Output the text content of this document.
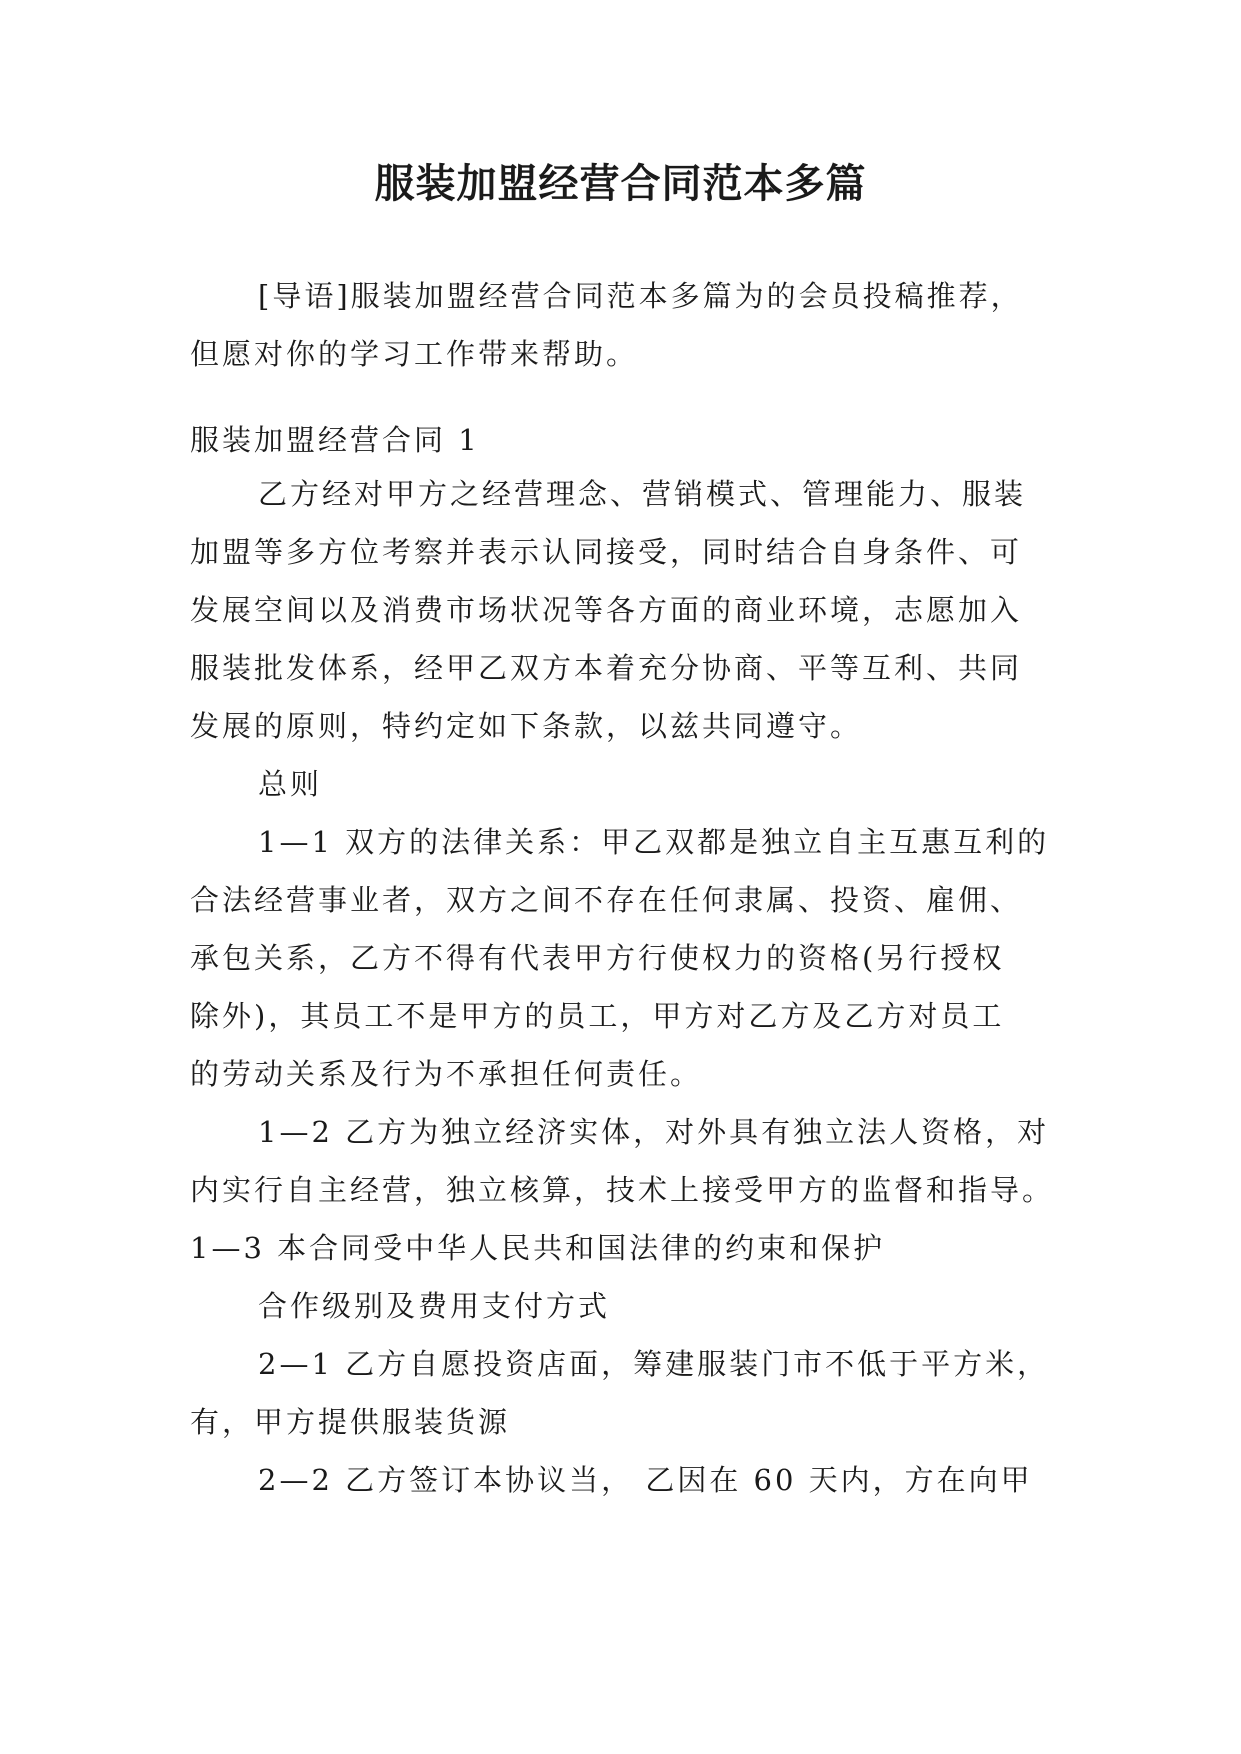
服装加盟经营合同范本多篇
[导语]服装加盟经营合同范本多篇为的会员投稿推荐，
但愿对你的学习工作带来帮助。
服装加盟经营合同 1
乙方经对甲方之经营理念、营销模式、管理能力、服装
加盟等多方位考察并表示认同接受，同时结合自身条件、可
发展空间以及消费市场状况等各方面的商业环境，志愿加入
服装批发体系，经甲乙双方本着充分协商、平等互利、共同
发展的原则，特约定如下条款，以兹共同遵守。
总则
1—1 双方的法律关系：甲乙双都是独立自主互惠互利的
合法经营事业者，双方之间不存在任何隶属、投资、雇佣、
承包关系，乙方不得有代表甲方行使权力的资格(另行授权
除外)，其员工不是甲方的员工，甲方对乙方及乙方对员工
的劳动关系及行为不承担任何责任。
1—2 乙方为独立经济实体，对外具有独立法人资格，对
内实行自主经营，独立核算，技术上接受甲方的监督和指导。
1—3 本合同受中华人民共和国法律的约束和保护
合作级别及费用支付方式
2—1 乙方自愿投资店面，筹建服装门市不低于平方米，
有，甲方提供服装货源
2—2 乙方签订本协议当， 乙因在 60 天内，方在向甲
